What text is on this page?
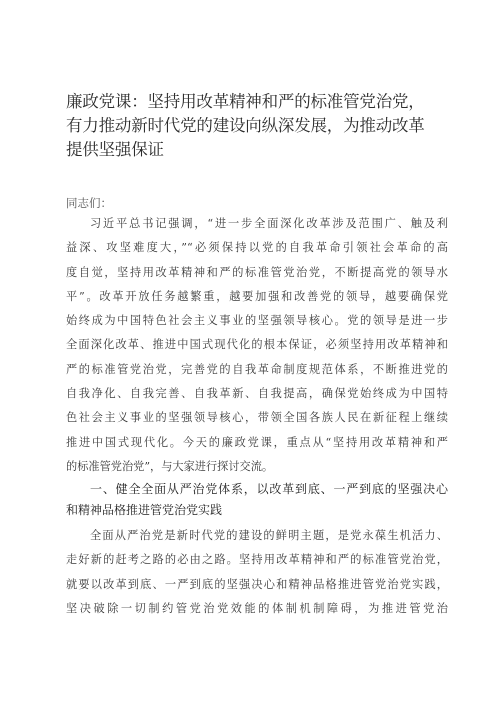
廉政党课：坚持用改革精神和严的标准管党治党，
有力推动新时代党的建设向纵深发展，为推动改革
提供坚强保证
同志们：
习近平总书记强调，“进一步全面深化改革涉及范围广、触及利
益深、攻坚难度大，”“必须保持以党的自我革命引领社会革命的高
度自觉，坚持用改革精神和严的标准管党治党，不断提高党的领导水
平”。改革开放任务越繁重，越要加强和改善党的领导，越要确保党
始终成为中国特色社会主义事业的坚强领导核心。党的领导是进一步
全面深化改革、推进中国式现代化的根本保证，必须坚持用改革精神和
严的标准管党治党，完善党的自我革命制度规范体系，不断推进党的
自我净化、自我完善、自我革新、自我提高，确保党始终成为中国特
色社会主义事业的坚强领导核心，带领全国各族人民在新征程上继续
推进中国式现代化。今天的廉政党课，重点从“坚持用改革精神和严
的标准管党治党”，与大家进行探讨交流。
一、健全全面从严治党体系，以改革到底、一严到底的坚强决心
和精神品格推进管党治党实践
全面从严治党是新时代党的建设的鲜明主题，是党永葆生机活力、
走好新的赶考之路的必由之路。坚持用改革精神和严的标准管党治党，
就要以改革到底、一严到底的坚强决心和精神品格推进管党治党实践，
坚决破除一切制约管党治党效能的体制机制障碍，为推进管党治
